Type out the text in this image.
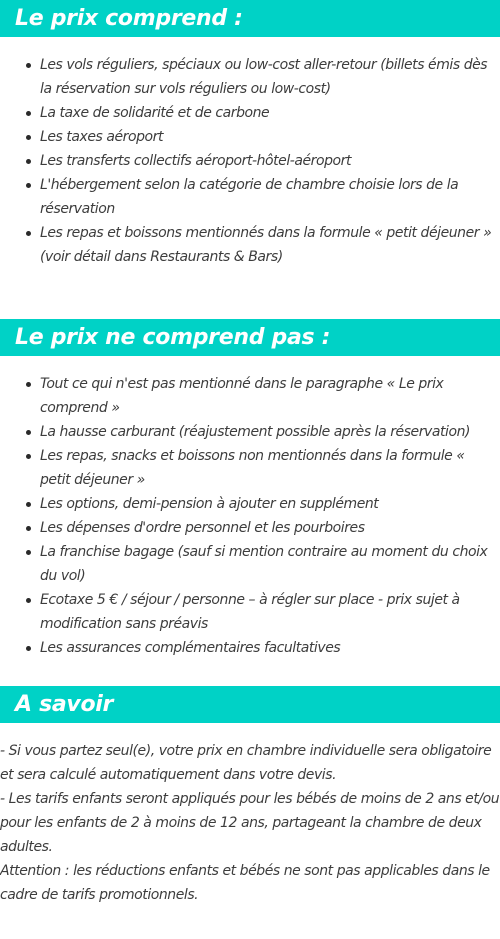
Le prix comprend :
Les vols réguliers, spéciaux ou low-cost aller-retour (billets émis dès la réservation sur vols réguliers ou low-cost)
La taxe de solidarité et de carbone
Les taxes aéroport
Les transferts collectifs aéroport-hôtel-aéroport
L'hébergement selon la catégorie de chambre choisie lors de la réservation
Les repas et boissons mentionnés dans la formule « petit déjeuner » (voir détail dans Restaurants & Bars)
Le prix ne comprend pas :
Tout ce qui n'est pas mentionné dans le paragraphe « Le prix comprend »
La hausse carburant (réajustement possible après la réservation)
Les repas, snacks et boissons non mentionnés dans la formule « petit déjeuner »
Les options, demi-pension à ajouter en supplément
Les dépenses d'ordre personnel et les pourboires
La franchise bagage (sauf si mention contraire au moment du choix du vol)
Ecotaxe 5 € / séjour / personne – à régler sur place - prix sujet à modification sans préavis
Les assurances complémentaires facultatives
A savoir

- Si vous partez seul(e), votre prix en chambre individuelle sera obligatoire et sera calculé automatiquement dans votre devis.

- Les tarifs enfants seront appliqués pour les bébés de moins de 2 ans et/ou pour les enfants de 2 à moins de 12 ans, partageant la chambre de deux adultes.

Attention : les réductions enfants et bébés ne sont pas applicables dans le cadre de tarifs promotionnels.
